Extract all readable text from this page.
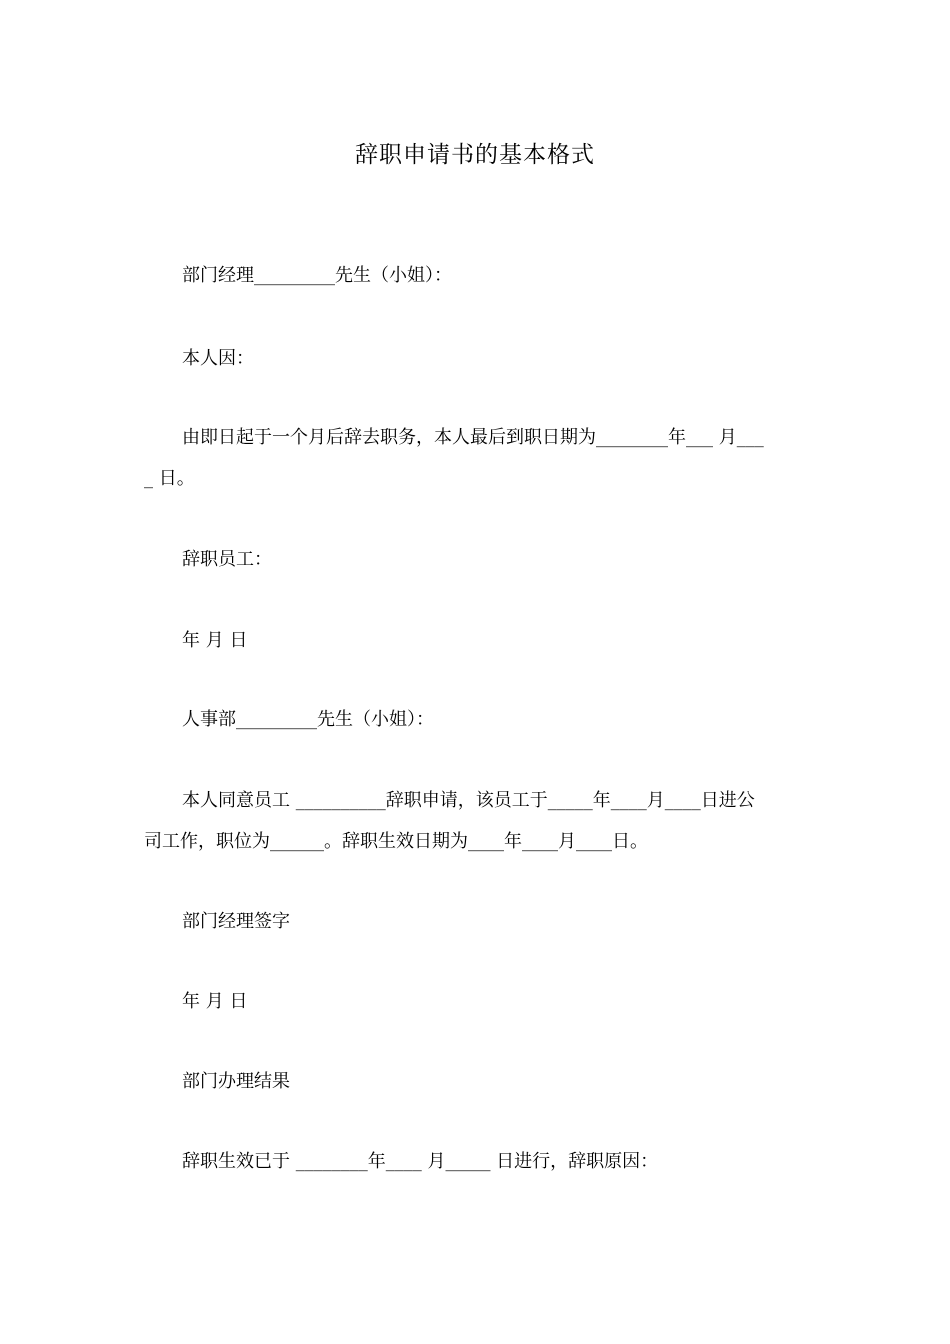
辞职申请书的基本格式
部门经理_________先生（小姐）：
本人因：
由即日起于一个月后辞去职务，本人最后到职日期为________年___ 月___
_ 日。
辞职员工：
年 月 日
人事部_________先生（小姐）：
本人同意员工 __________辞职申请，该员工于_____年____月____日进公
司工作，职位为______。辞职生效日期为____年____月____日。
部门经理签字
年 月 日
部门办理结果
辞职生效已于 ________年____ 月_____ 日进行，辞职原因：
